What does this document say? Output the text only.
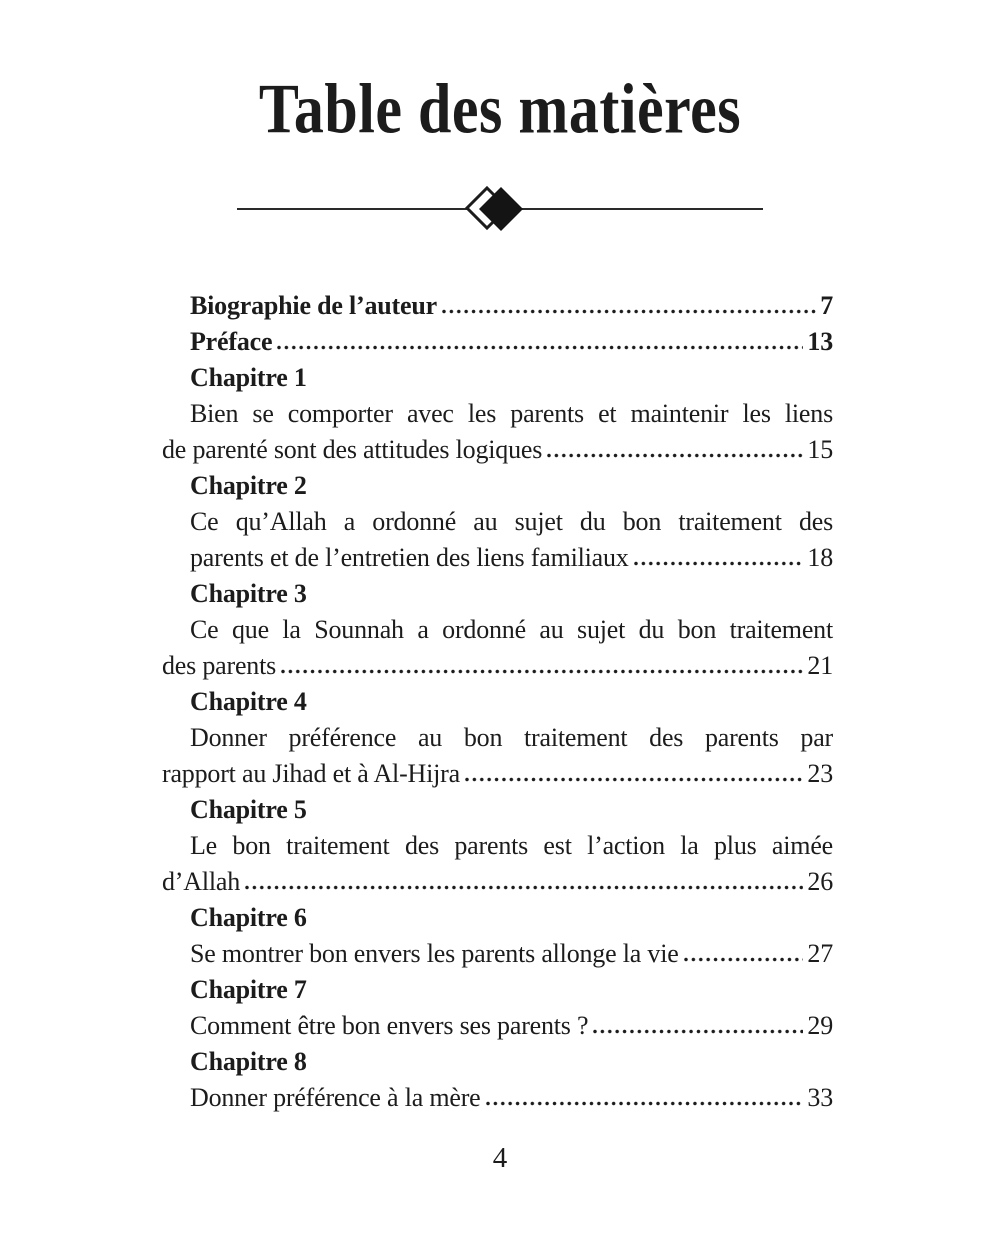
Table des matières
Biographie de l’auteur	7
Préface	13
Chapitre 1
Bien se comporter avec les parents et maintenir les liens
de parenté sont des attitudes logiques	15
Chapitre 2
Ce qu’Allah a ordonné au sujet du bon traitement des
parents et de l’entretien des liens familiaux	18
Chapitre 3
Ce que la Sounnah a ordonné au sujet du bon traitement
des parents	21
Chapitre 4
Donner préférence au bon traitement des parents par
rapport au Jihad et à Al-Hijra	23
Chapitre 5
Le bon traitement des parents est l’action la plus aimée
d’Allah	26
Chapitre 6
Se montrer bon envers les parents allonge la vie	27
Chapitre 7
Comment être bon envers ses parents ?	29
Chapitre 8
Donner préférence à la mère	33
4
